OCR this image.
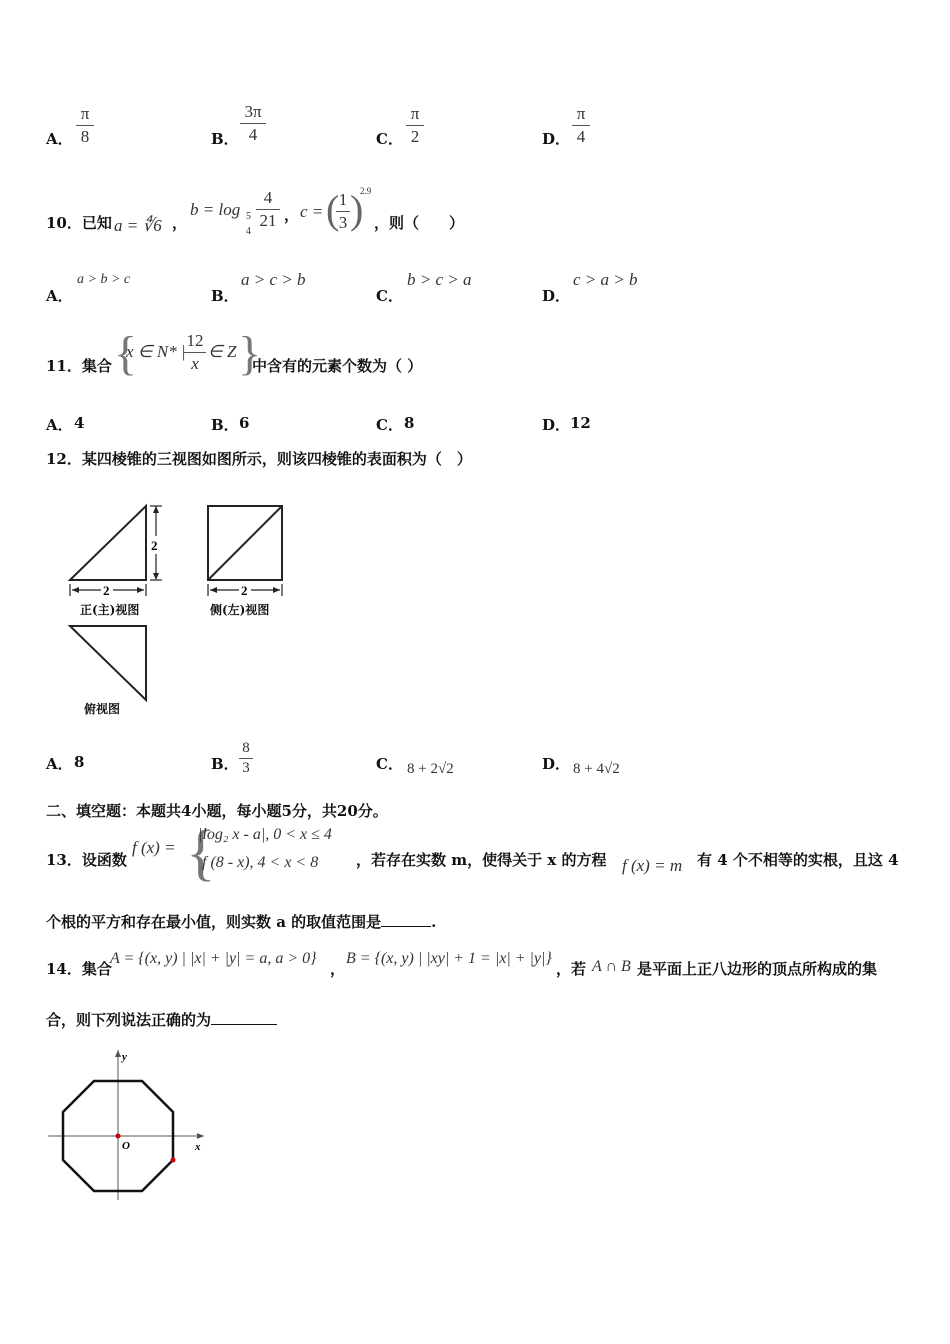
A． $\frac{\pi}{8}$	B． $\frac{3\pi}{4}$	C． $\frac{\pi}{2}$	D． $\frac{\pi}{4}$
10．已知 a = ∜6 ，
b = log 5
4
$\frac{4}{21}$ ， c = (
$\frac{1}{3}$ )
2.9
，则（　　）
A．
a > b > c
B．
a > c > b
C．
b > c > a
D．
c > a > b
11．集合 {
x ∈ N* |
$\frac{12}{x}$ ∈ Z }
中含有的元素个数为（ ）
A． 4	B． 6	C． 8	D． 12
12．某四棱锥的三视图如图所示，则该四棱锥的表面积为（　）
2
2	2
正(主)视图	侧(左)视图
俯视图
A． 8	B． $\frac{8}{3}$	C． 8 + 2√2	D． 8 + 4√2
二、填空题：本题共4小题，每小题5分，共20分。
13．设函数
f (x) = {
|log₂ x - a|, 0 < x ≤ 4
f (8 - x), 4 < x < 8	，若存在实数 m，使得关于 x 的方程 f (x) = m 有 4 个不相等的实根，且这 4
个根的平方和存在最小值，则实数 a 的取值范围是	.
14．集合
A = {(x, y) | |x| + |y| = a, a > 0}
，
B = {(x, y) | |xy| + 1 = |x| + |y|}
，若 A ∩ B 是平面上正八边形的顶点所构成的集
合，则下列说法正确的为
y
x
O
